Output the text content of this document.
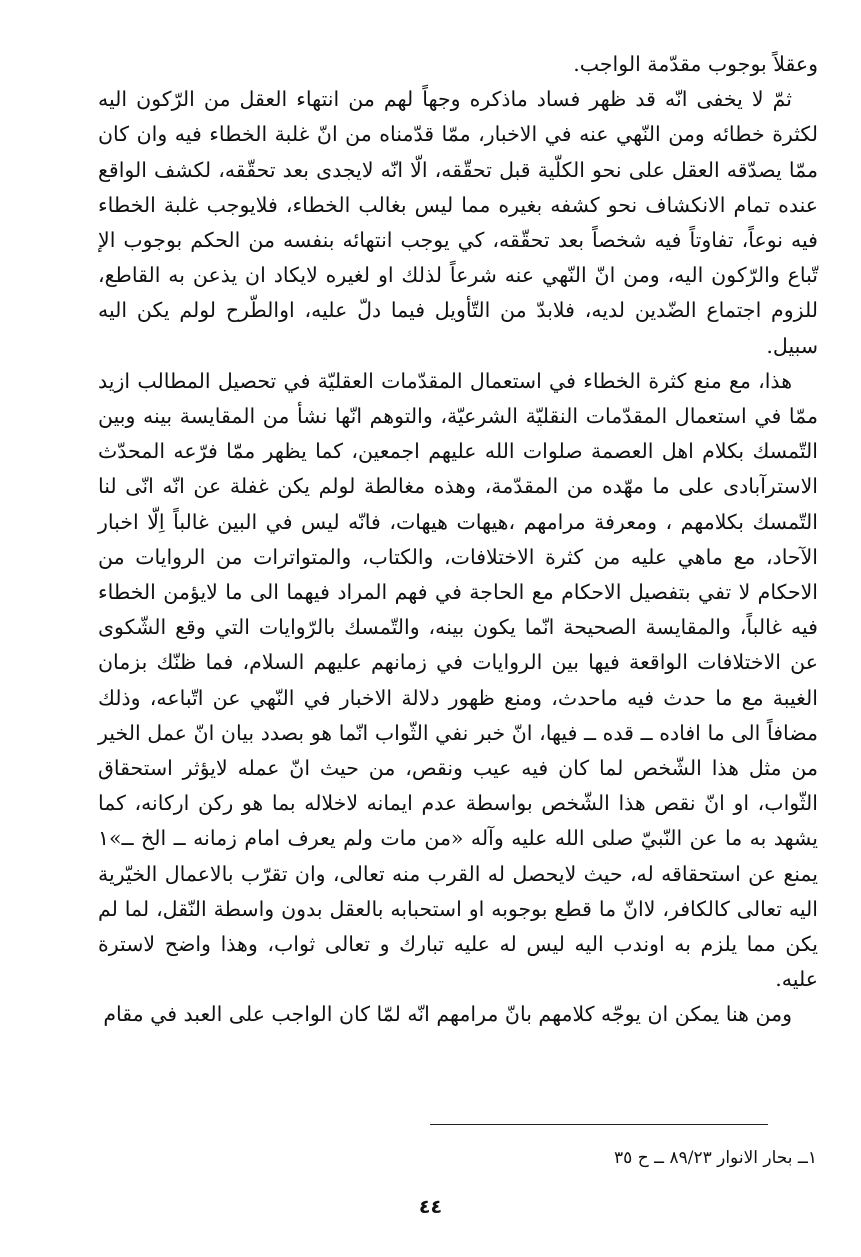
وعقلاً بوجوب مقدّمة الواجب.

ثمّ لا يخفى انّه قد ظهر فساد ماذكره وجهاً لهم من انتهاء العقل من الرّكون اليه لكثرة خطائه ومن النّهي عنه في الاخبار، ممّا قدّمناه من انّ غلبة الخطاء فيه وان كان ممّا يصدّقه العقل على نحو الكلّية قبل تحقّقه، الّا انّه لايجدى بعد تحقّقه، لكشف الواقع عنده تمام الانكشاف نحو كشفه بغيره مما ليس بغالب الخطاء، فلايوجب غلبة الخطاء فيه نوعاً، تفاوتاً فيه شخصاً بعد تحقّقه، كي يوجب انتهائه بنفسه من الحكم بوجوب الإ تّباع والرّكون اليه، ومن انّ النّهي عنه شرعاً لذلك او لغيره لايكاد ان يذعن به القاطع، للزوم اجتماع الضّدين لديه، فلابدّ من التّأويل فيما دلّ عليه، اوالطّرح لولم يكن اليه سبيل.

هذا، مع منع كثرة الخطاء في استعمال المقدّمات العقليّة في تحصيل المطالب ازيد ممّا في استعمال المقدّمات النقليّة الشرعيّة، والتوهم انّها نشأ من المقايسة بينه وبين التّمسك بكلام اهل العصمة صلوات الله عليهم اجمعين، كما يظهر ممّا فرّعه المحدّث الاسترآبادى على ما مهّده من المقدّمة، وهذه مغالطة لولم يكن غفلة عن انّه انّى لنا التّمسك بكلامهم ، ومعرفة مرامهم ،هيهات هيهات، فانّه ليس في البين غالباً اِلّا اخبار الآحاد، مع ماهي عليه من كثرة الاختلافات، والكتاب، والمتواترات من الروايات من الاحكام لا تفي بتفصيل الاحكام مع الحاجة في فهم المراد فيهما الى ما لايؤمن الخطاء فيه غالباً، والمقايسة الصحيحة انّما يكون بينه، والتّمسك بالرّوايات التي وقع الشّكوى عن الاختلافات الواقعة فيها بين الروايات في زمانهم عليهم السلام، فما ظنّك بزمان الغيبة مع ما حدث فيه ماحدث، ومنع ظهور دلالة الاخبار في النّهي عن اتّباعه، وذلك مضافاً الى ما افاده ــ قده ــ فيها، انّ خبر نفي الثّواب انّما هو بصدد بيان انّ عمل الخير من مثل هذا الشّخص لما كان فيه عيب ونقص، من حيث انّ عمله لايؤثر استحقاق الثّواب، او انّ نقص هذا الشّخص بواسطة عدم ايمانه لاخلاله بما هو ركن اركانه، كما يشهد به ما عن النّبيّ صلى الله عليه وآله «من مات ولم يعرف امام زمانه ــ الخ ــ»١ يمنع عن استحقاقه له، حيث لايحصل له القرب منه تعالى، وان تقرّب بالاعمال الخيّرية اليه تعالى كالكافر، لاانّ ما قطع بوجوبه او استحبابه بالعقل بدون واسطة النّقل، لما لم يكن مما يلزم به اوندب اليه ليس له عليه تبارك و تعالى ثواب، وهذا واضح لاسترة عليه.

ومن هنا يمكن ان يوجّه كلامهم بانّ مرامهم انّه لمّا كان الواجب على العبد في مقام

١ــ بحار الانوار ٨٩/٢٣ ــ ح ٣٥
٤٤
